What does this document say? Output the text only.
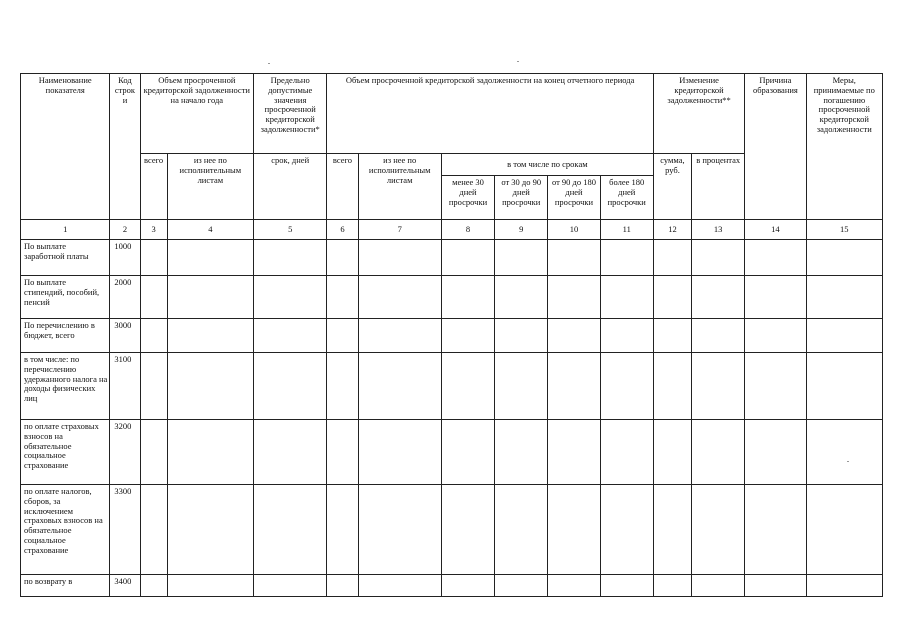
Наименование показателя	Код строк и	Объем просроченной кредиторской задолженности на начало года		Предельно допустимые значения просроченной кредиторской задолженности*	Объем просроченной кредиторской задолженности на конец отчетного периода						Изменение кредиторской задолженности**		Причина образования	Меры, принимаемые по погашению просроченной кредиторской задолженности
		всего	из нее по исполнительным листам	срок, дней	всего	из нее по исполнительным листам	в том числе по срокам				сумма, руб.	в процентах		
							менее 30 дней просрочки	от 30 до 90 дней просрочки	от 90 до 180 дней просрочки	более 180 дней просрочки				
1	2	3	4	5	6	7	8	9	10	11	12	13	14	15
По выплате заработной платы	1000													
По выплате стипендий, пособий, пенсий	2000													
По перечислению в бюджет, всего	3000													
в том числе: по перечислению удержанного налога на доходы физических лиц	3100													
по оплате страховых взносов на обязательное социальное страхование	3200													
по оплате налогов, сборов, за исключением страховых взносов на обязательное социальное страхование	3300													
по возврату в	3400													
